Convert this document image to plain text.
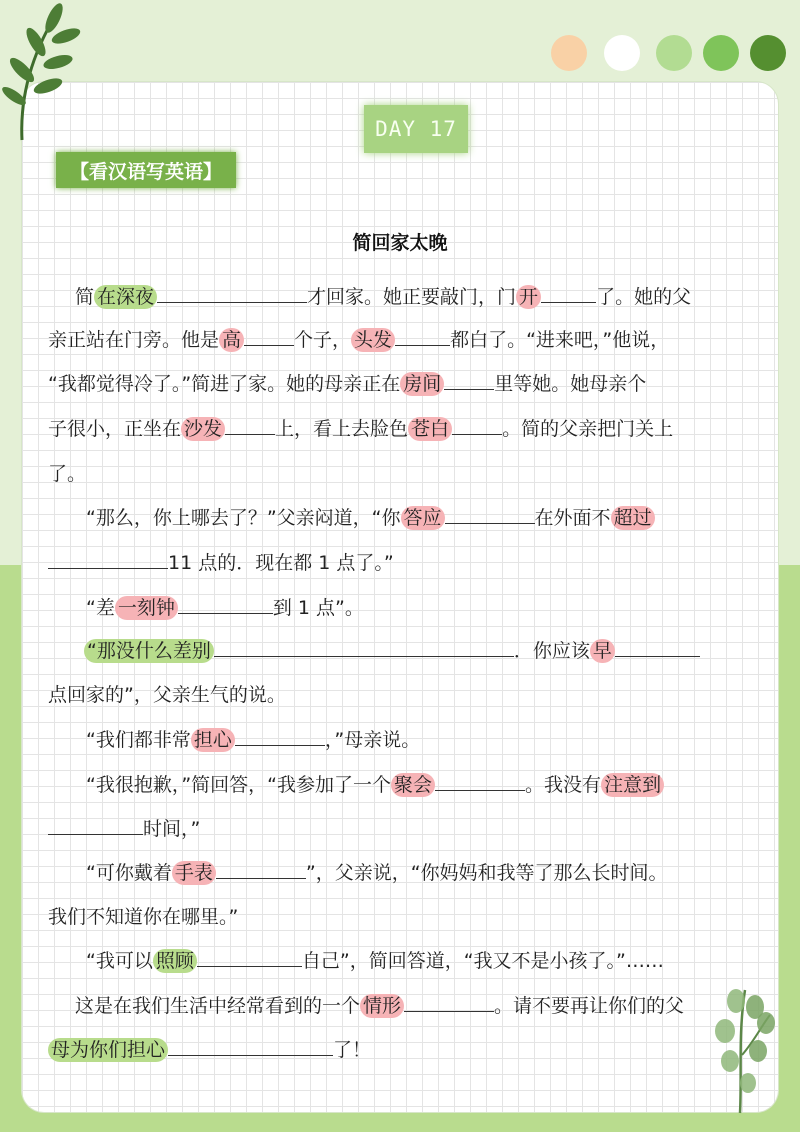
DAY 17
【看汉语写英语】
简回家太晚
简 在深夜	才回家。她正要敲门，门 开	了。她的父
亲正站在门旁。他是 高	个子， 头发	都白了。“进来吧，”他说，
“我都觉得冷了。”简进了家。她的母亲正在 房间	里等她。她母亲个
子很小，正坐在 沙发	上，看上去脸色 苍白	。简的父亲把门关上
了。
“那么，你上哪去了？”父亲闷道，“你 答应	在外面不 超过
11 点的．现在都 1 点了。”
“差 一刻钟	到 1 点”。
“那没什么差别	．你应该 早
点回家的”，父亲生气的说。
“我们都非常 担心	，”母亲说。
“我很抱歉，”简回答，“我参加了一个 聚会	。我没有 注意到
时间，”
“可你戴着 手表	”，父亲说，“你妈妈和我等了那么长时间。
我们不知道你在哪里。”
“我可以 照顾	自己”，简回答道，“我又不是小孩了。”……
这是在我们生活中经常看到的一个 情形	。请不要再让你们的父
母为你们担心	了！
